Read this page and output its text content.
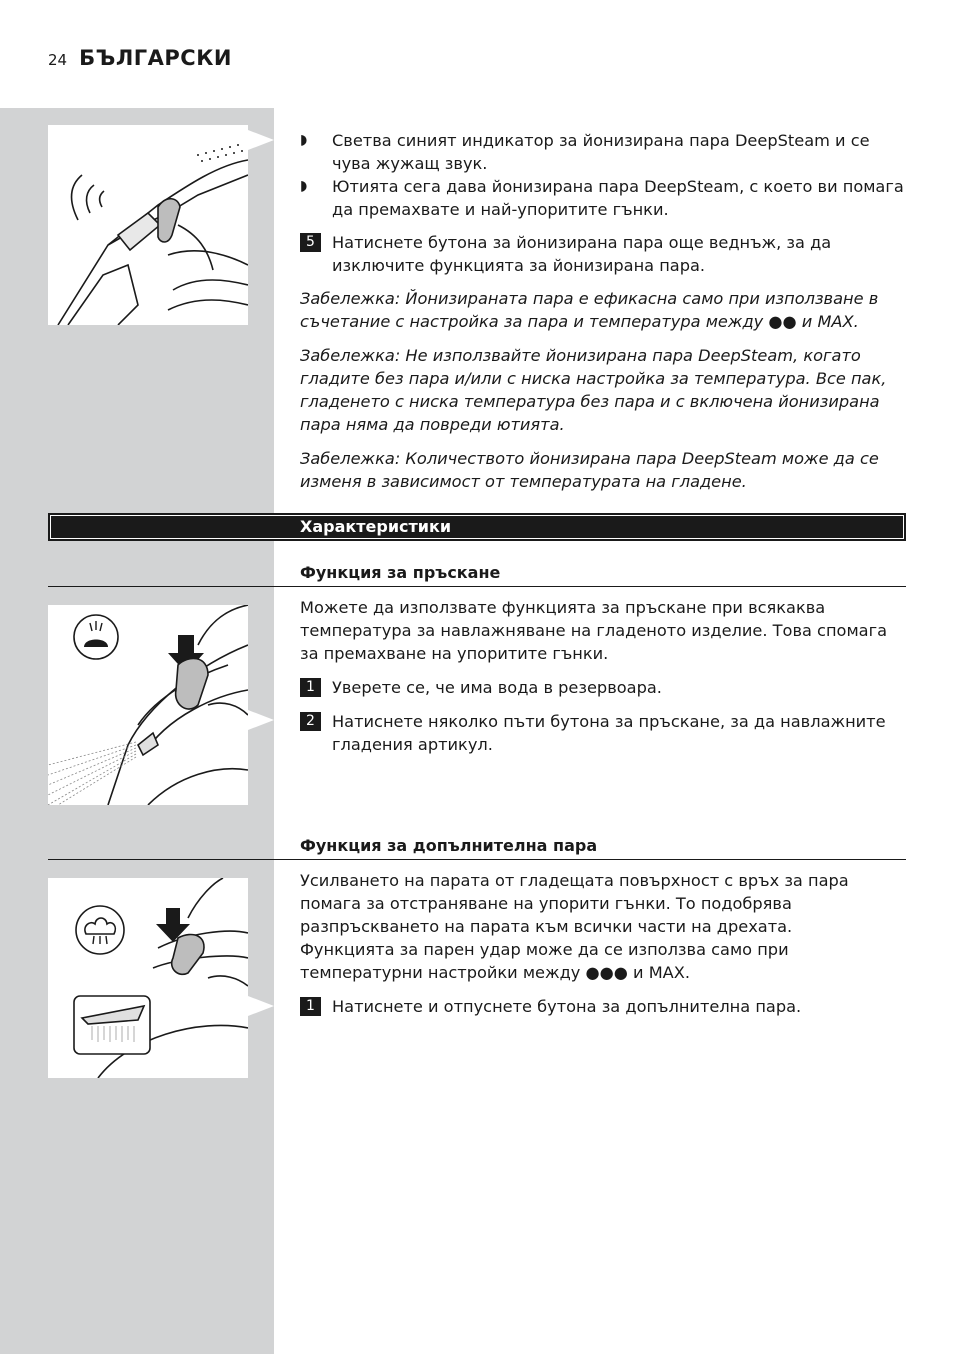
24 БЪЛГАРСКИ
◗	Светва синият индикатор за йонизирана пара DeepSteam и се чува жужащ звук.

◗	Ютията сега дава йонизирана пара DeepSteam, с което ви помага да премахвате и най-упоритите гънки.

5	Натиснете бутона за йонизирана пара още веднъж, за да изключите функцията за йонизирана пара.

Забележка: Йонизираната пара е ефикасна само при използване в съчетание с настройка за пара и температура между ●● и MAX.

Забележка: Не използвайте йонизирана пара DeepSteam, когато гладите без пара и/или с ниска настройка за температура. Все пак, гладенето с ниска температура без пара и с включена йонизирана пара няма да повреди ютията.

Забележка: Количеството йонизирана пара DeepSteam може да се изменя в зависимост от температурата на гладене.

Характеристики
Функция за пръскане

Можете да използвате функцията за пръскане при всякаква температура за навлажняване на гладеното изделие. Това спомага за премахване на упоритите гънки.

1	Уверете се, че има вода в резервоара.

2	Натиснете няколко пъти бутона за пръскане, за да навлажните гладения артикул.

Функция за допълнителна пара

Усилването на парата от гладещата повърхност с връх за пара помага за отстраняване на упорити гънки. То подобрява разпръскването на парата към всички части на дрехата.

Функцията за парен удар може да се използва само при температурни настройки между ●●● и MAX.

1	Натиснете и отпуснете бутона за допълнителна пара.
